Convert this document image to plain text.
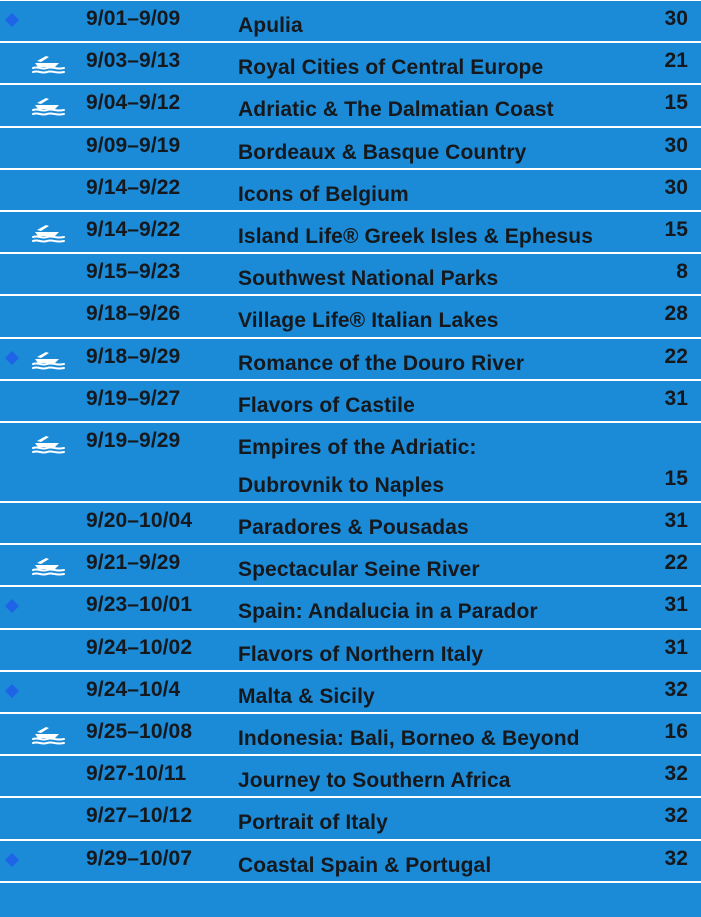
9/01–9/09	Apulia	30
9/03–9/13	Royal Cities of Central Europe	21
9/04–9/12	Adriatic & The Dalmatian Coast	15
9/09–9/19	Bordeaux & Basque Country	30
9/14–9/22	Icons of Belgium	30
9/14–9/22	Island Life® Greek Isles & Ephesus	15
9/15–9/23	Southwest National Parks	8
9/18–9/26	Village Life® Italian Lakes	28
9/18–9/29	Romance of the Douro River	22
9/19–9/27	Flavors of Castile	31
9/19–9/29	Empires of the Adriatic:
Dubrovnik to Naples	15
9/20–10/04 Paradores & Pousadas	31
9/21–9/29	Spectacular Seine River	22
9/23–10/01 Spain: Andalucia in a Parador	31
9/24–10/02 Flavors of Northern Italy	31
9/24–10/4	Malta & Sicily	32
9/25–10/08 Indonesia: Bali, Borneo & Beyond	16
9/27-10/11 Journey to Southern Africa	32
9/27–10/12 Portrait of Italy	32
9/29–10/07 Coastal Spain & Portugal	32
